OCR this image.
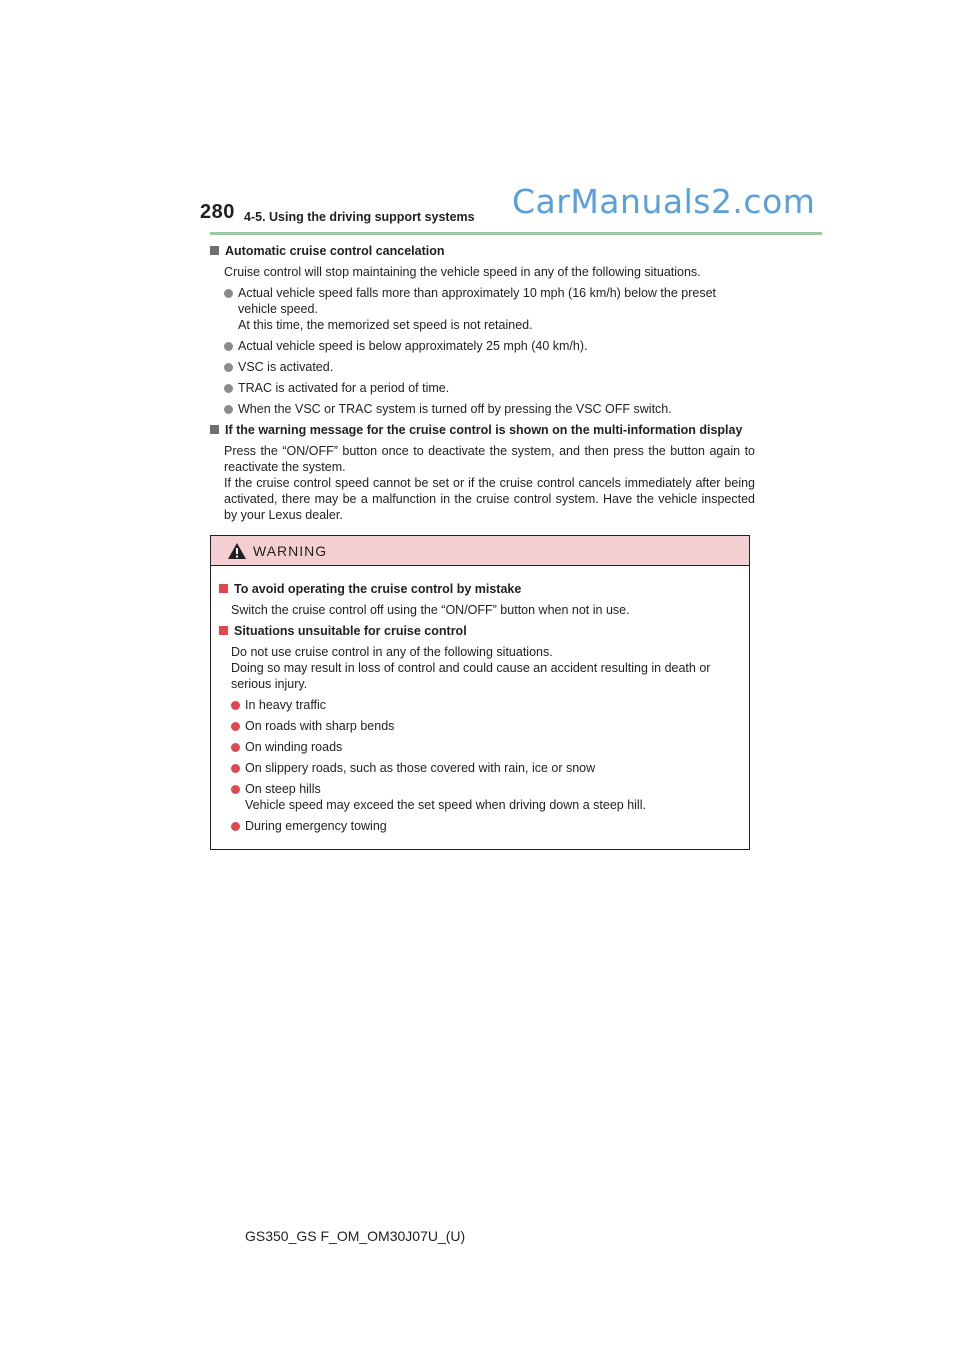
280 4-5. Using the driving support systems CarManuals2.com
Automatic cruise control cancelation

Cruise control will stop maintaining the vehicle speed in any of the following situations.

Actual vehicle speed falls more than approximately 10 mph (16 km/h) below the preset

vehicle speed.

At this time, the memorized set speed is not retained.

Actual vehicle speed is below approximately 25 mph (40 km/h).

VSC is activated.

TRAC is activated for a period of time.

When the VSC or TRAC system is turned off by pressing the VSC OFF switch.

If the warning message for the cruise control is shown on the multi-information display

Press the “ON/OFF” button once to deactivate the system, and then press the button again to reactivate the system.

If the cruise control speed cannot be set or if the cruise control cancels immediately after being activated, there may be a malfunction in the cruise control system. Have the vehicle inspected by your Lexus dealer.

WARNING
To avoid operating the cruise control by mistake

Switch the cruise control off using the “ON/OFF” button when not in use.

Situations unsuitable for cruise control

Do not use cruise control in any of the following situations.

Doing so may result in loss of control and could cause an accident resulting in death or serious injury.

In heavy traffic

On roads with sharp bends

On winding roads

On slippery roads, such as those covered with rain, ice or snow

On steep hills

Vehicle speed may exceed the set speed when driving down a steep hill.

During emergency towing

GS350_GS F_OM_OM30J07U_(U)
